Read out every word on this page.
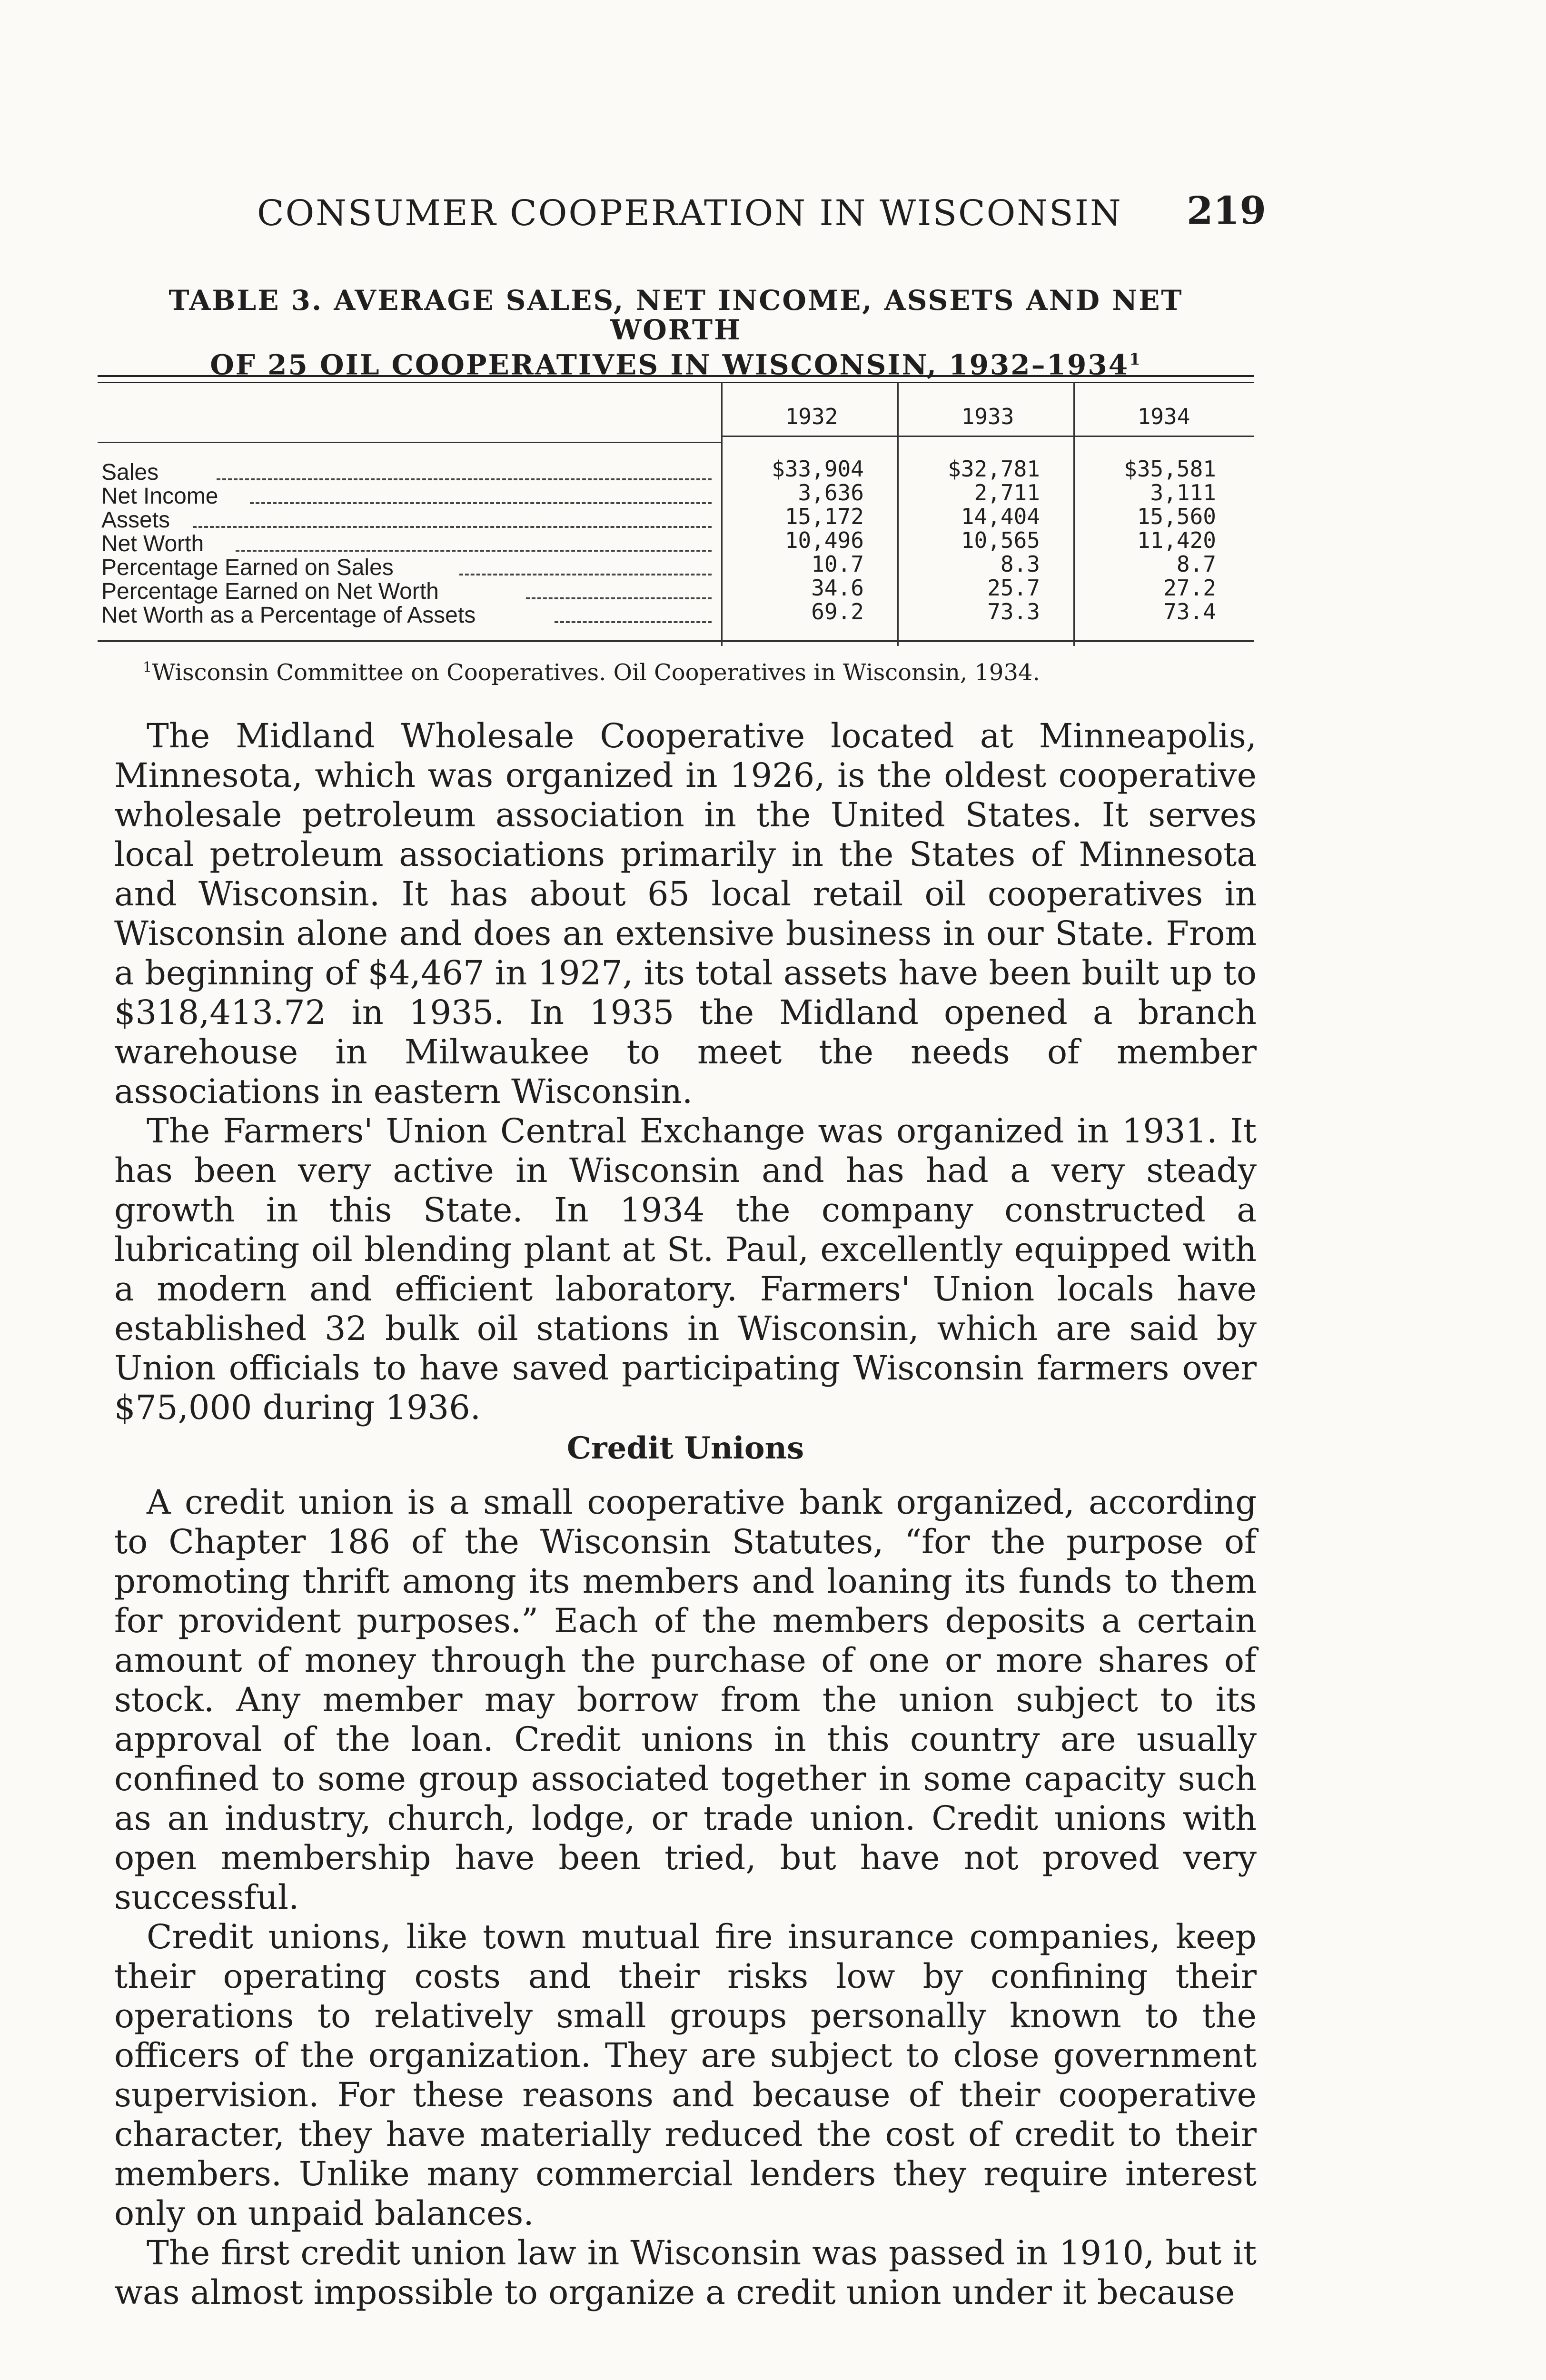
CONSUMER COOPERATION IN WISCONSIN 219
TABLE 3. AVERAGE SALES, NET INCOME, ASSETS AND NET WORTH
OF 25 OIL COOPERATIVES IN WISCONSIN, 1932–1934$^1$
1932	1933	1934
Sales	$33,904	$32,781	$35,581
Net Income	3,636	2,711	3,111
Assets	15,172	14,404	15,560
Net Worth	10,496	10,565	11,420
Percentage Earned on Sales	10.7	8.3	8.7
Percentage Earned on Net Worth	34.6	25.7	27.2
Net Worth as a Percentage of Assets	69.2	73.3	73.4
$^1$Wisconsin Committee on Cooperatives. Oil Cooperatives in Wisconsin, 1934.

The Midland Wholesale Cooperative located at Minneapolis, Minnesota, which was organized in 1926, is the oldest cooperative wholesale petroleum association in the United States. It serves local petroleum associations primarily in the States of Minnesota and Wisconsin. It has about 65 local retail oil cooperatives in Wisconsin alone and does an extensive business in our State. From a beginning of $4,467 in 1927, its total assets have been built up to $318,413.72 in 1935. In 1935 the Midland opened a branch warehouse in Milwaukee to meet the needs of member associations in eastern Wisconsin.

The Farmers' Union Central Exchange was organized in 1931. It has been very active in Wisconsin and has had a very steady growth in this State. In 1934 the company constructed a lubricating oil blending plant at St. Paul, excellently equipped with a modern and efficient laboratory. Farmers' Union locals have established 32 bulk oil stations in Wisconsin, which are said by Union officials to have saved participating Wisconsin farmers over $75,000 during 1936.

Credit Unions

A credit union is a small cooperative bank organized, according to Chapter 186 of the Wisconsin Statutes, “for the purpose of promoting thrift among its members and loaning its funds to them for provident purposes.” Each of the members deposits a certain amount of money through the purchase of one or more shares of stock. Any member may borrow from the union subject to its approval of the loan. Credit unions in this country are usually confined to some group associated together in some capacity such as an industry, church, lodge, or trade union. Credit unions with open membership have been tried, but have not proved very successful.

Credit unions, like town mutual fire insurance companies, keep their operating costs and their risks low by confining their operations to relatively small groups personally known to the officers of the organization. They are subject to close government supervision. For these reasons and because of their cooperative character, they have materially reduced the cost of credit to their members. Unlike many commercial lenders they require interest only on unpaid balances.

The first credit union law in Wisconsin was passed in 1910, but it was almost impossible to organize a credit union under it because
